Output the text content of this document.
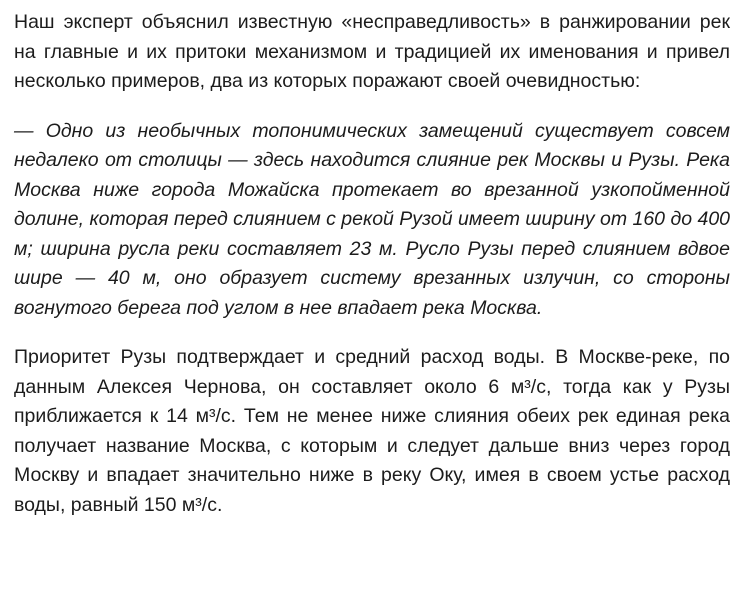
Наш эксперт объяснил известную «несправедливость» в ранжировании рек на главные и их притоки механизмом и традицией их именования и привел несколько примеров, два из которых поражают своей очевидностью:

— Одно из необычных топонимических замещений существует совсем недалеко от столицы — здесь находится слияние рек Москвы и Рузы. Река Москва ниже города Можайска протекает во врезанной узкопойменной долине, которая перед слиянием с рекой Рузой имеет ширину от 160 до 400 м; ширина русла реки составляет 23 м. Русло Рузы перед слиянием вдвое шире — 40 м, оно образует систему врезанных излучин, со стороны вогнутого берега под углом в нее впадает река Москва.

Приоритет Рузы подтверждает и средний расход воды. В Москве-реке, по данным Алексея Чернова, он составляет около 6 м³/с, тогда как у Рузы приближается к 14 м³/с. Тем не менее ниже слияния обеих рек единая река получает название Москва, с которым и следует дальше вниз через город Москву и впадает значительно ниже в реку Оку, имея в своем устье расход воды, равный 150 м³/с.
